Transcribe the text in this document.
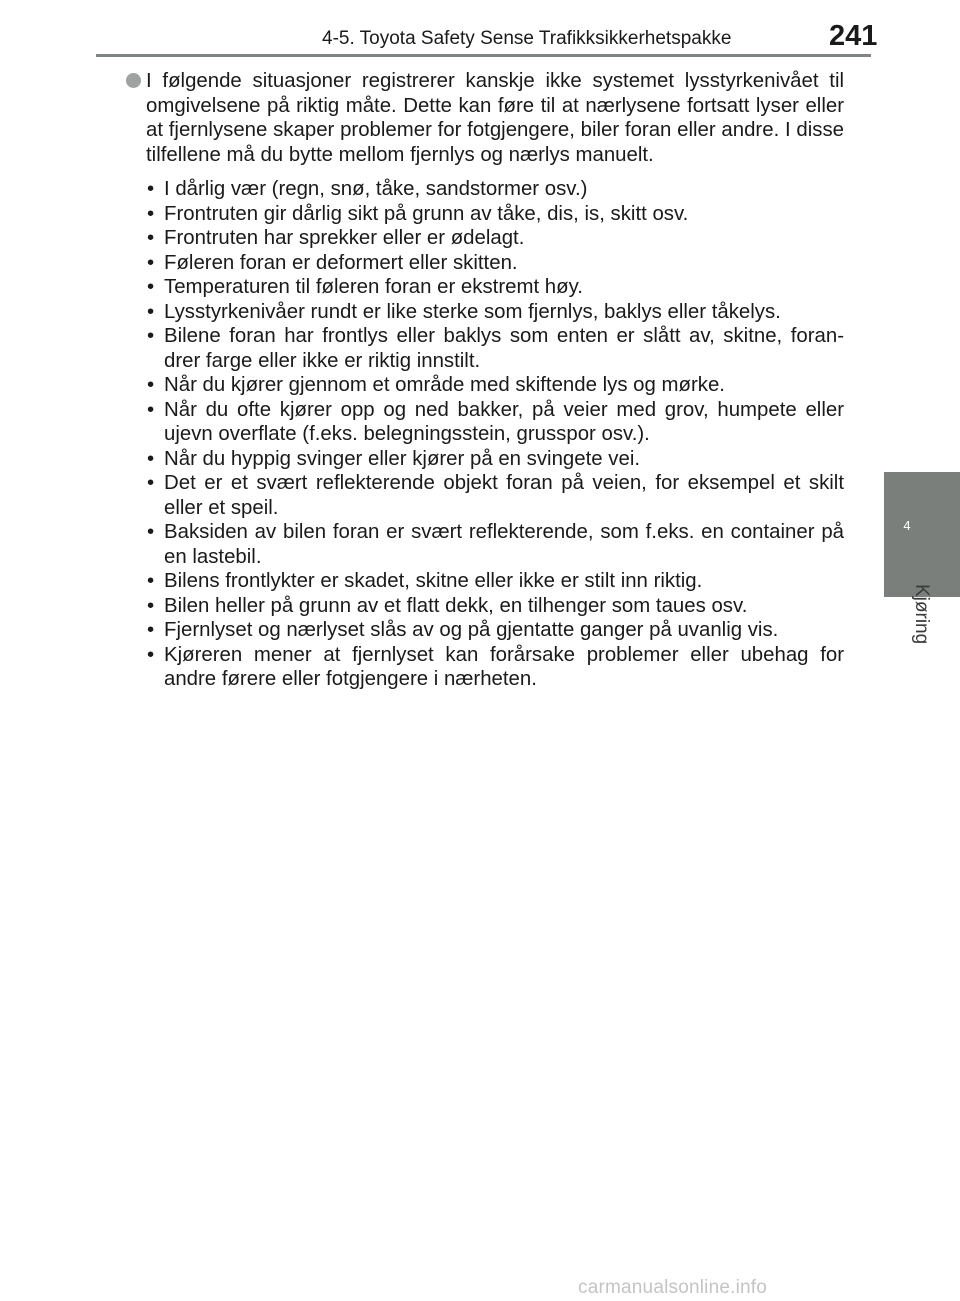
4-5. Toyota Safety Sense Trafikksikkerhetspakke	241
4
Kjøring
I følgende situasjoner registrerer kanskje ikke systemet lysstyrkenivået til omgivelsene på riktig måte. Dette kan føre til at nærlysene fortsatt lyser eller at fjernlysene skaper problemer for fotgjengere, biler foran eller andre. I disse tilfellene må du bytte mellom fjernlys og nærlys manuelt.
• I dårlig vær (regn, snø, tåke, sandstormer osv.)
• Frontruten gir dårlig sikt på grunn av tåke, dis, is, skitt osv.
• Frontruten har sprekker eller er ødelagt.
• Føleren foran er deformert eller skitten.
• Temperaturen til føleren foran er ekstremt høy.
• Lysstyrkenivåer rundt er like sterke som fjernlys, baklys eller tåkelys.
• Bilene foran har frontlys eller baklys som enten er slått av, skitne, foran-drer farge eller ikke er riktig innstilt.
• Når du kjører gjennom et område med skiftende lys og mørke.
• Når du ofte kjører opp og ned bakker, på veier med grov, humpete eller ujevn overflate (f.eks. belegningsstein, grusspor osv.).
• Når du hyppig svinger eller kjører på en svingete vei.
• Det er et svært reflekterende objekt foran på veien, for eksempel et skilt eller et speil.
• Baksiden av bilen foran er svært reflekterende, som f.eks. en container på en lastebil.
• Bilens frontlykter er skadet, skitne eller ikke er stilt inn riktig.
• Bilen heller på grunn av et flatt dekk, en tilhenger som taues osv.
• Fjernlyset og nærlyset slås av og på gjentatte ganger på uvanlig vis.
• Kjøreren mener at fjernlyset kan forårsake problemer eller ubehag for andre førere eller fotgjengere i nærheten.
carmanualsonline.info
